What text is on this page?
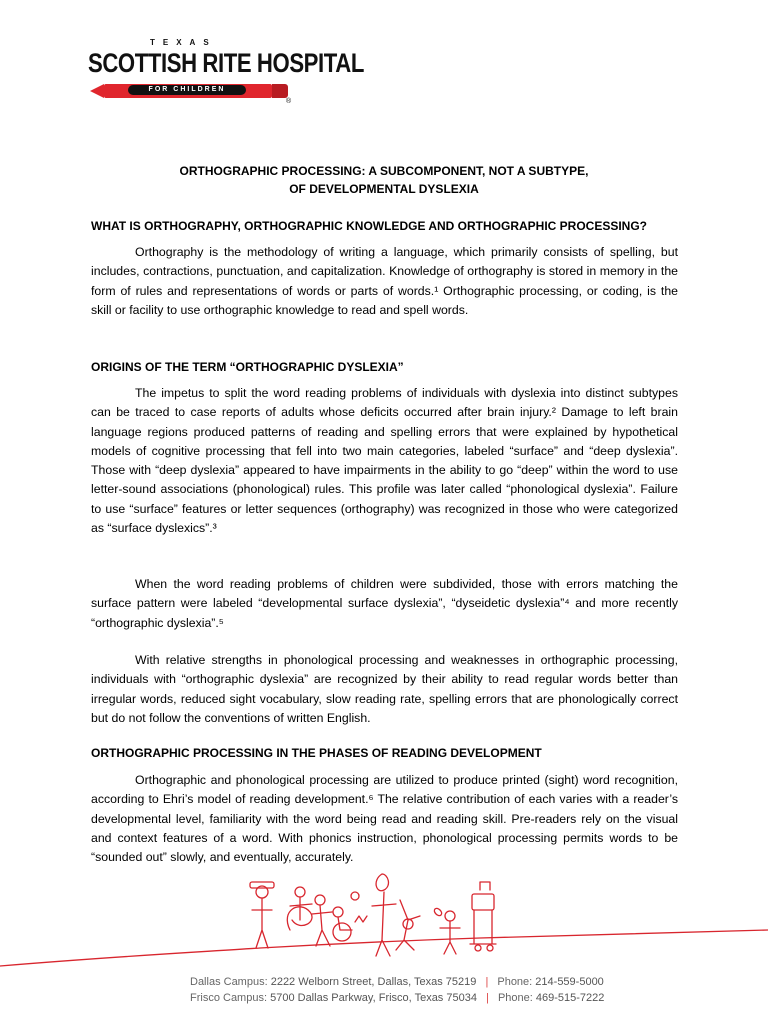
TEXAS
SCOTTISH RITE HOSPITAL
FOR CHILDREN
®
ORTHOGRAPHIC PROCESSING: A SUBCOMPONENT, NOT A SUBTYPE,
OF DEVELOPMENTAL DYSLEXIA
WHAT IS ORTHOGRAPHY, ORTHOGRAPHIC KNOWLEDGE AND ORTHOGRAPHIC PROCESSING?
Orthography is the methodology of writing a language, which primarily consists of spelling, but includes, contractions, punctuation, and capitalization. Knowledge of orthography is stored in memory in the form of rules and representations of words or parts of words.¹ Orthographic processing, or coding, is the skill or facility to use orthographic knowledge to read and spell words.
ORIGINS OF THE TERM “ORTHOGRAPHIC DYSLEXIA”
The impetus to split the word reading problems of individuals with dyslexia into distinct subtypes can be traced to case reports of adults whose deficits occurred after brain injury.² Damage to left brain language regions produced patterns of reading and spelling errors that were explained by hypothetical models of cognitive processing that fell into two main categories, labeled “surface” and “deep dyslexia”. Those with “deep dyslexia” appeared to have impairments in the ability to go “deep” within the word to use letter-sound associations (phonological) rules. This profile was later called “phonological dyslexia”. Failure to use “surface” features or letter sequences (orthography) was recognized in those who were categorized as “surface dyslexics”.³
When the word reading problems of children were subdivided, those with errors matching the surface pattern were labeled “developmental surface dyslexia”, “dyseidetic dyslexia”⁴ and more recently “orthographic dyslexia”.⁵
With relative strengths in phonological processing and weaknesses in orthographic processing, individuals with “orthographic dyslexia” are recognized by their ability to read regular words better than irregular words, reduced sight vocabulary, slow reading rate, spelling errors that are phonologically correct but do not follow the conventions of written English.
ORTHOGRAPHIC PROCESSING IN THE PHASES OF READING DEVELOPMENT
Orthographic and phonological processing are utilized to produce printed (sight) word recognition, according to Ehri’s model of reading development.⁶ The relative contribution of each varies with a reader’s developmental level, familiarity with the word being read and reading skill. Pre-readers rely on the visual and context features of a word. With phonics instruction, phonological processing permits words to be “sounded out” slowly, and eventually, accurately.
Dallas Campus: 2222 Welborn Street, Dallas, Texas 75219 | Phone: 214-559-5000
Frisco Campus: 5700 Dallas Parkway, Frisco, Texas 75034 | Phone: 469-515-7222
